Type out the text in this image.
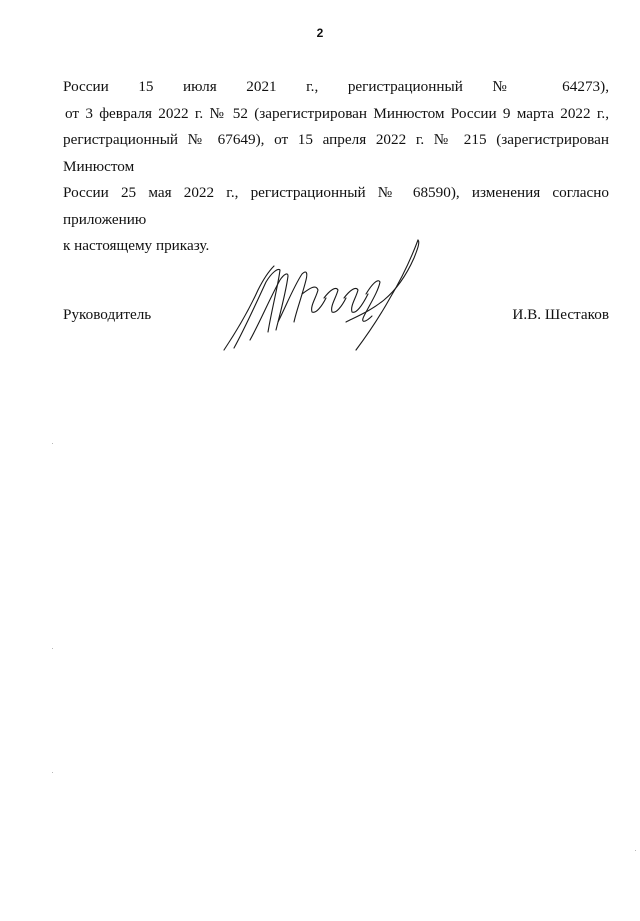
2
России 15 июля 2021 г., регистрационный № 64273),
от 3 февраля 2022 г. № 52 (зарегистрирован Минюстом России 9 марта 2022 г.,
регистрационный № 67649), от 15 апреля 2022 г. № 215 (зарегистрирован Минюстом
России 25 мая 2022 г., регистрационный № 68590), изменения согласно приложению
к настоящему приказу.
Руководитель	И.В. Шестаков
